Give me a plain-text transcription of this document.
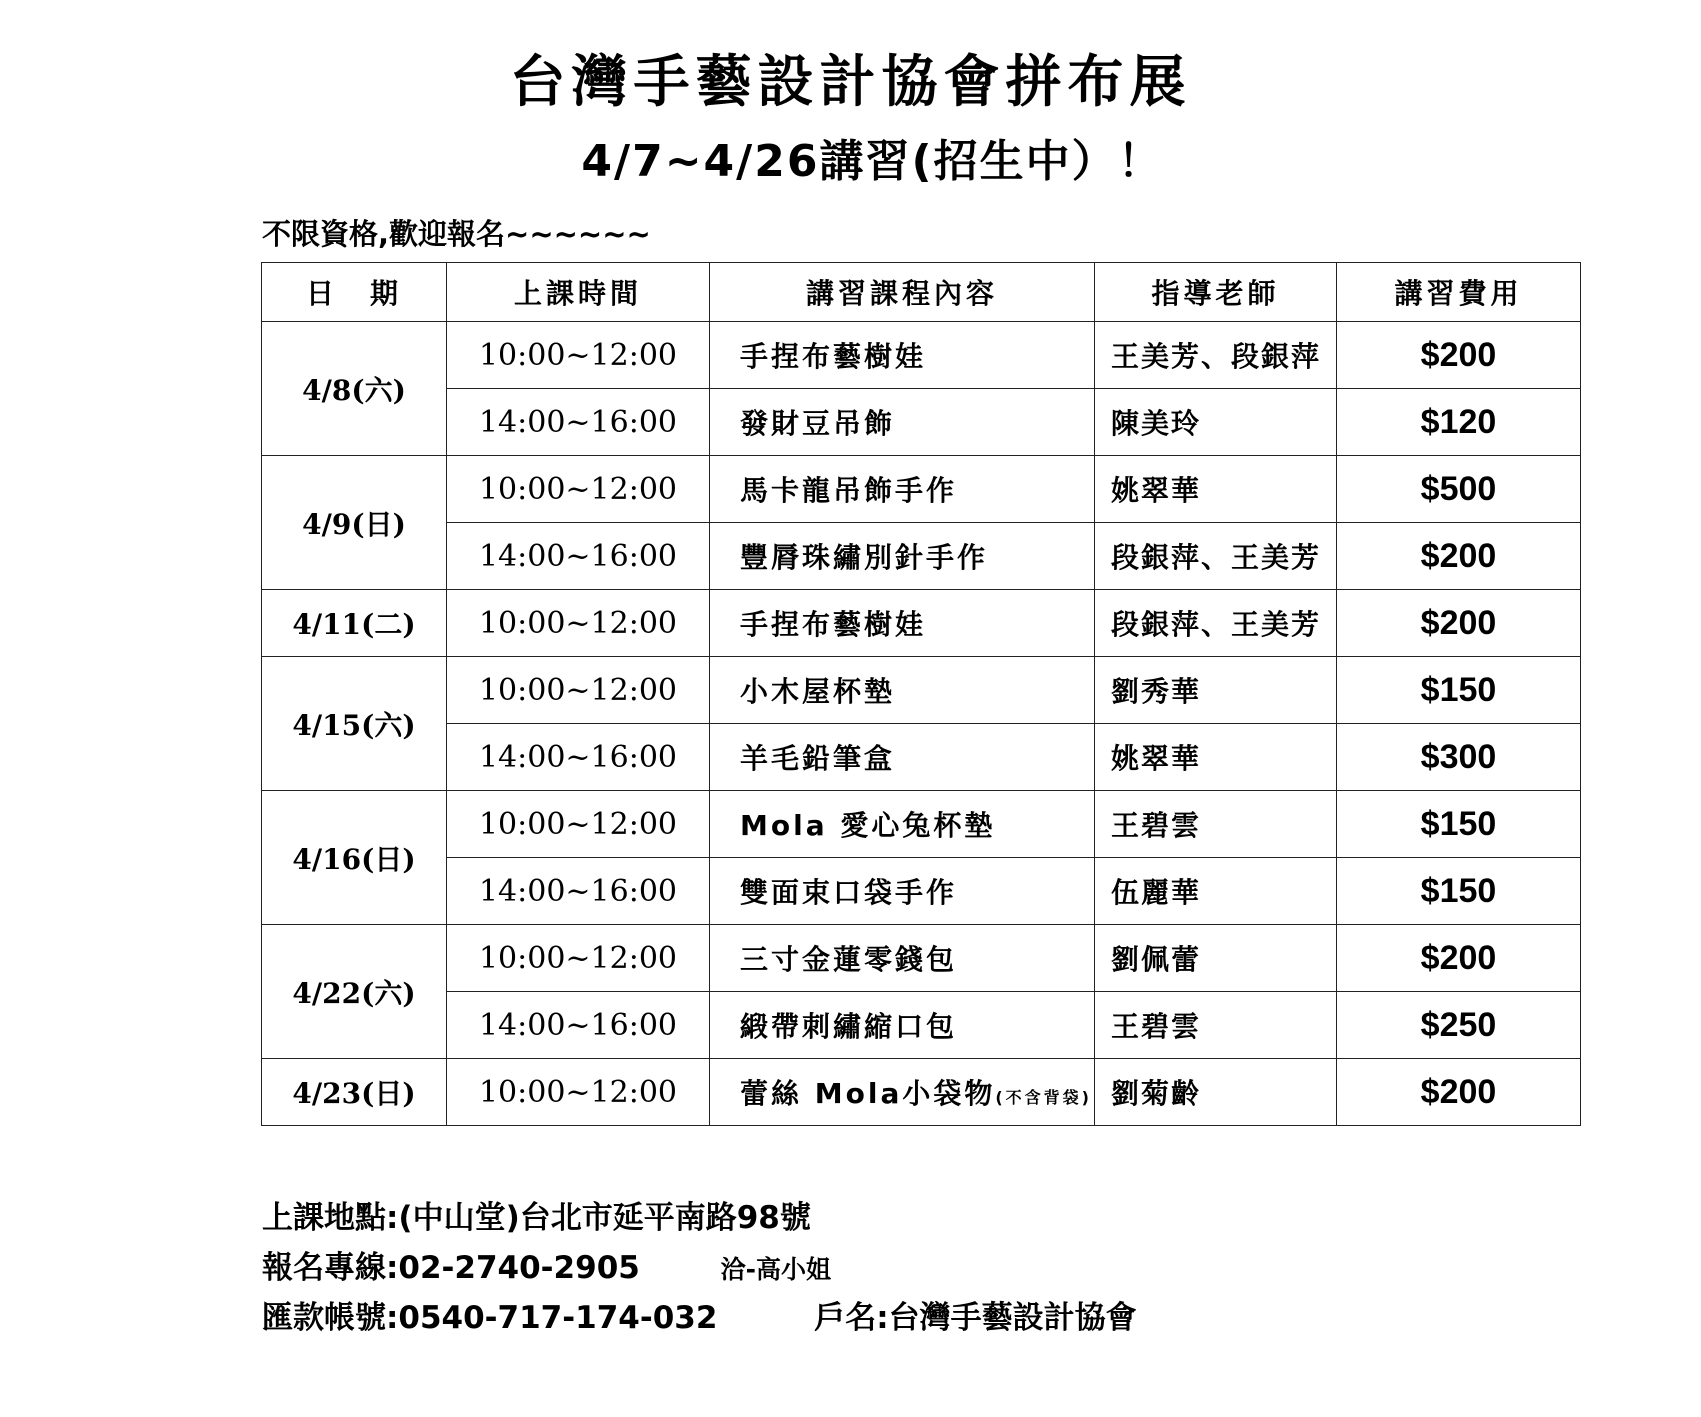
台灣手藝設計協會拼布展
4/7~4/26講習(招生中）！
不限資格,歡迎報名~~~~~~
日　期	上課時間	講習課程內容	指導老師	講習費用
4/8(六)	10:00~12:00	手捏布藝樹娃	王美芳、段銀萍	$200
	14:00~16:00	發財豆吊飾	陳美玲	$120
4/9(日)	10:00~12:00	馬卡龍吊飾手作	姚翠華	$500
	14:00~16:00	豐脣珠繡別針手作	段銀萍、王美芳	$200
4/11(二)	10:00~12:00	手捏布藝樹娃	段銀萍、王美芳	$200
4/15(六)	10:00~12:00	小木屋杯墊	劉秀華	$150
	14:00~16:00	羊毛鉛筆盒	姚翠華	$300
4/16(日)	10:00~12:00	Mola 愛心兔杯墊	王碧雲	$150
	14:00~16:00	雙面束口袋手作	伍麗華	$150
4/22(六)	10:00~12:00	三寸金蓮零錢包	劉佩蕾	$200
	14:00~16:00	緞帶刺繡縮口包	王碧雲	$250
4/23(日)	10:00~12:00	蕾絲 Mola小袋物(不含背袋)	劉菊齡	$200
上課地點:(中山堂)台北市延平南路98號
報名專線:02-2740-2905	洽-高小姐
匯款帳號:0540-717-174-032	戶名:台灣手藝設計協會
